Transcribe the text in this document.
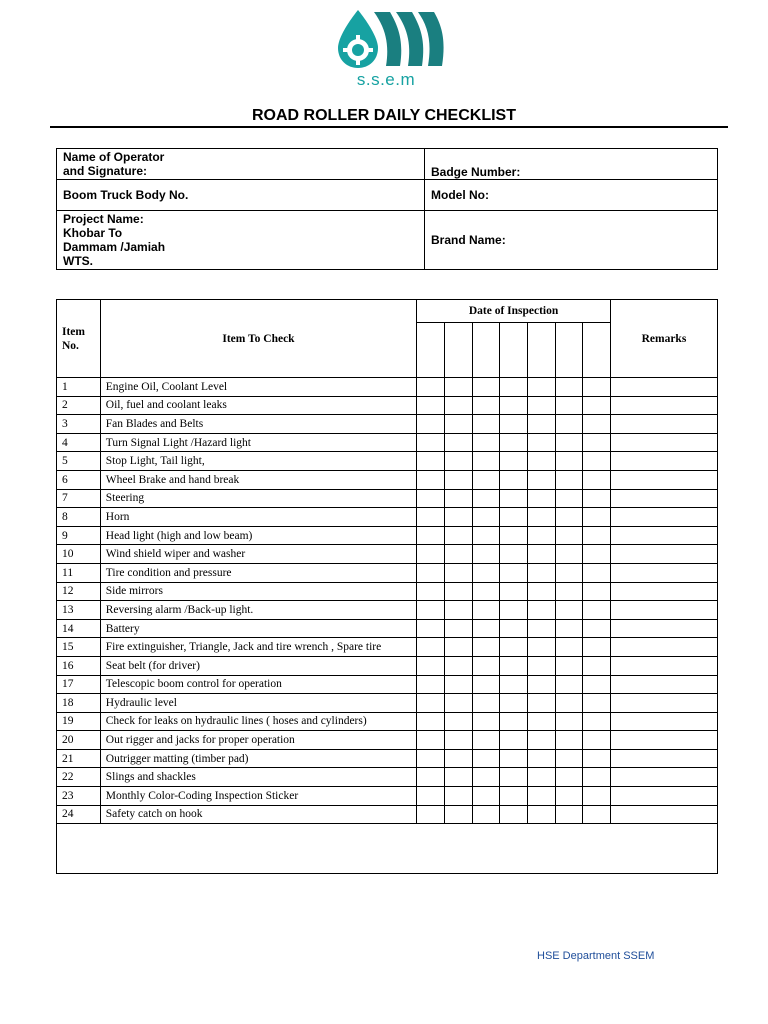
s.s.e.m
ROAD ROLLER DAILY CHECKLIST
Name of Operator
and Signature:	Badge Number:
Boom Truck Body No.	Model No:
Project Name:
Khobar To
Dammam /Jamiah
WTS.	Brand Name:
Item
No.	Item To Check	Date of Inspection							Remarks

1	Engine Oil, Coolant Level								
2	Oil, fuel and coolant leaks								
3	Fan Blades and Belts								
4	Turn Signal Light /Hazard light								
5	Stop Light, Tail light,								
6	Wheel Brake and hand break								
7	Steering								
8	Horn								
9	Head light (high and low beam)								
10	Wind shield wiper and washer								
11	Tire condition and pressure								
12	Side mirrors								
13	Reversing alarm /Back-up light.								
14	Battery								
15	Fire extinguisher, Triangle, Jack and tire wrench , Spare tire								
16	Seat belt (for driver)								
17	Telescopic boom control for operation								
18	Hydraulic level								
19	Check for leaks on hydraulic lines ( hoses and cylinders)								
20	Out rigger and jacks for proper operation								
21	Outrigger matting (timber pad)								
22	Slings and shackles								
23	Monthly Color-Coding Inspection Sticker								
24	Safety catch on hook								

HSE Department SSEM
